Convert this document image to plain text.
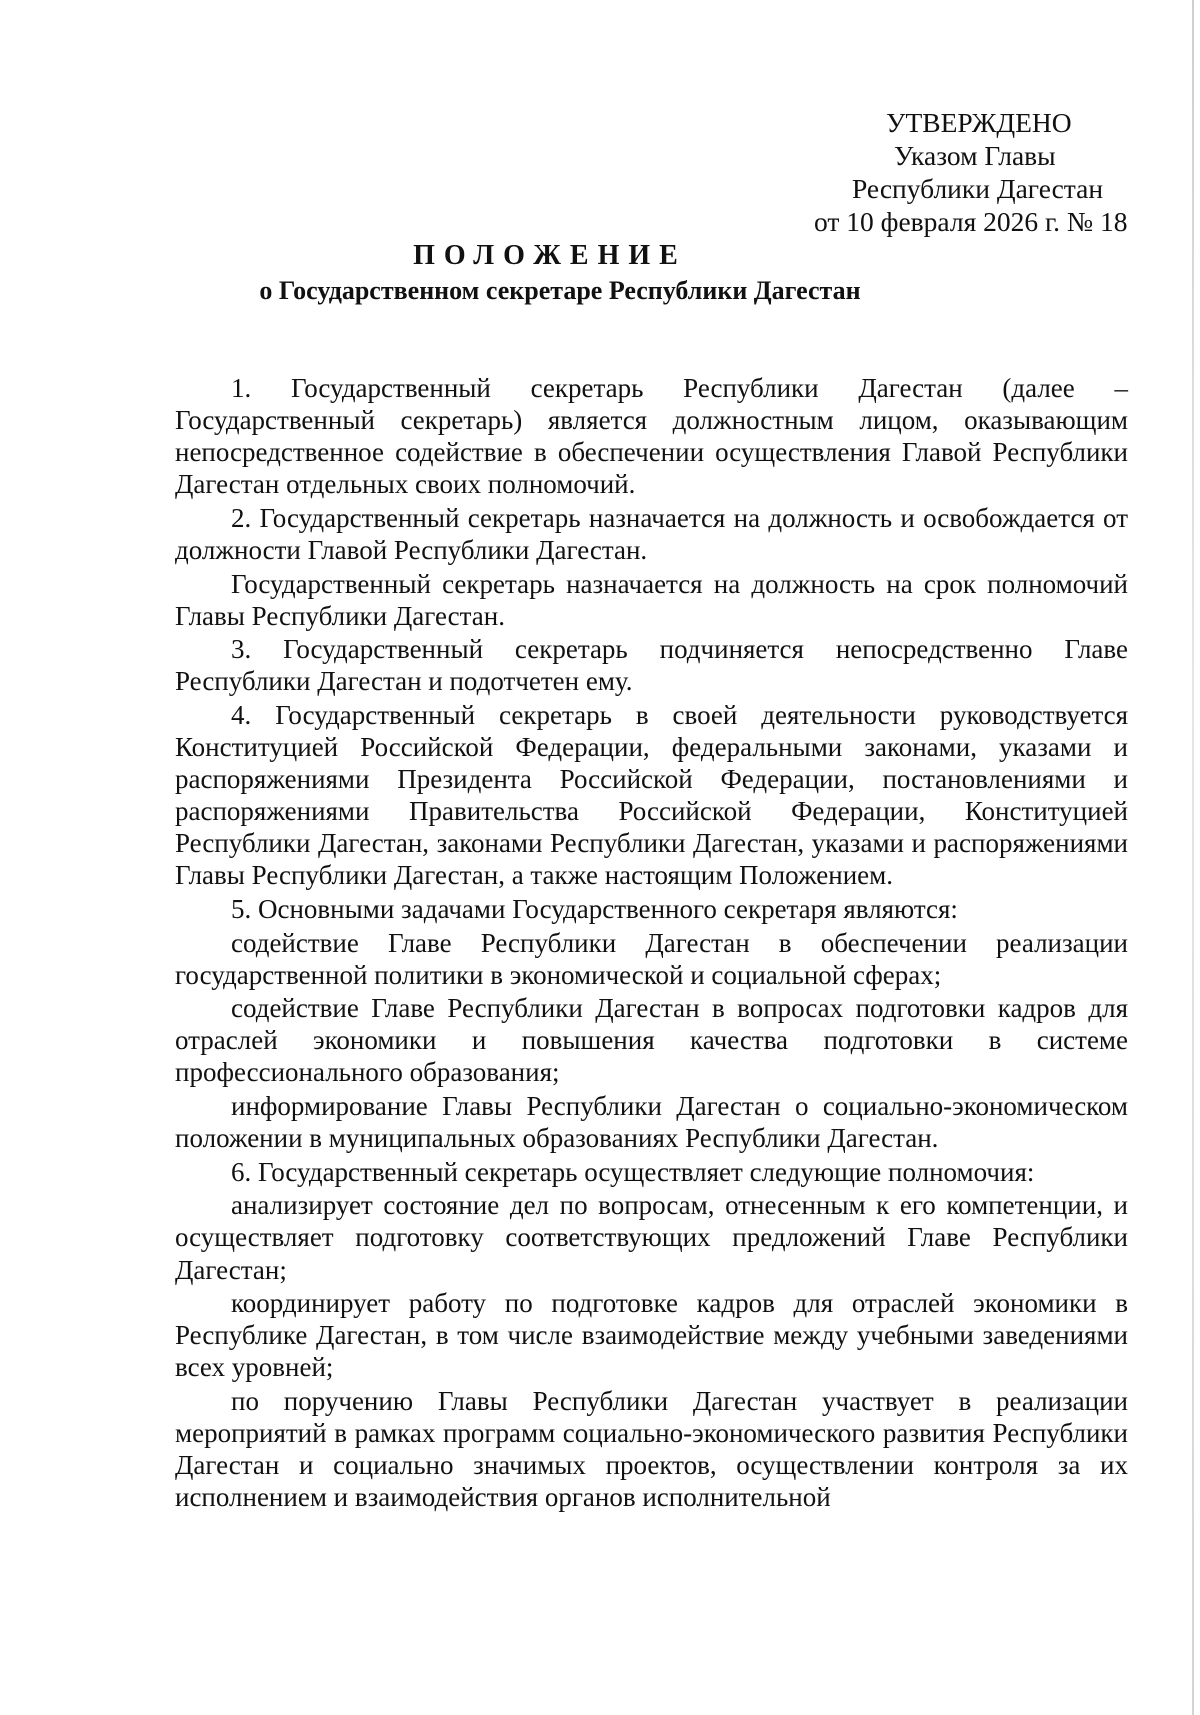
УТВЕРЖДЕНО
Указом Главы
Республики Дагестан
от 10 февраля 2026 г. № 18
ПОЛОЖЕНИЕ
о Государственном секретаре Республики Дагестан

1. Государственный секретарь Республики Дагестан (далее – Государственный секретарь) является должностным лицом, оказывающим непосредственное содействие в обеспечении осуществления Главой Республики Дагестан отдельных своих полномочий.

2. Государственный секретарь назначается на должность и освобождается от должности Главой Республики Дагестан.

Государственный секретарь назначается на должность на срок полномочий Главы Республики Дагестан.

3. Государственный секретарь подчиняется непосредственно Главе Республики Дагестан и подотчетен ему.

4. Государственный секретарь в своей деятельности руководствуется Конституцией Российской Федерации, федеральными законами, указами и распоряжениями Президента Российской Федерации, постановлениями и распоряжениями Правительства Российской Федерации, Конституцией Республики Дагестан, законами Республики Дагестан, указами и распоряжениями Главы Республики Дагестан, а также настоящим Положением.

5. Основными задачами Государственного секретаря являются:

содействие Главе Республики Дагестан в обеспечении реализации государственной политики в экономической и социальной сферах;

содействие Главе Республики Дагестан в вопросах подготовки кадров для отраслей экономики и повышения качества подготовки в системе профессионального образования;

информирование Главы Республики Дагестан о социально-экономическом положении в муниципальных образованиях Республики Дагестан.

6. Государственный секретарь осуществляет следующие полномочия:

анализирует состояние дел по вопросам, отнесенным к его компетенции, и осуществляет подготовку соответствующих предложений Главе Республики Дагестан;

координирует работу по подготовке кадров для отраслей экономики в Республике Дагестан, в том числе взаимодействие между учебными заведениями всех уровней;

по поручению Главы Республики Дагестан участвует в реализации мероприятий в рамках программ социально-экономического развития Республики Дагестан и социально значимых проектов, осуществлении контроля за их исполнением и взаимодействия органов исполнительной
